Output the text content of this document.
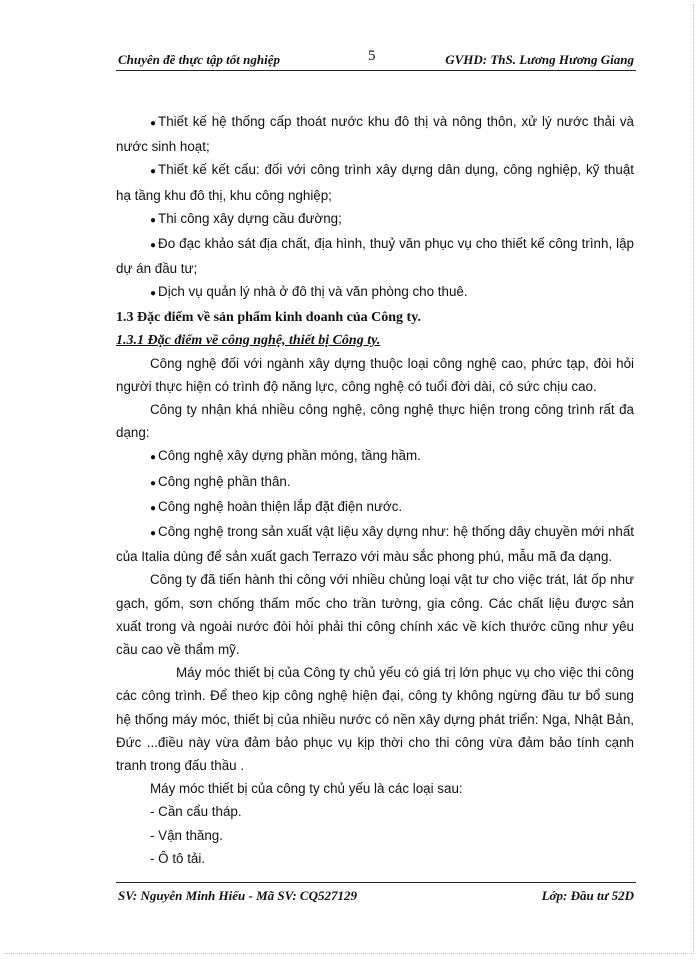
Chuyên đề thực tập tốt nghiệp	5	GVHD: ThS. Lương Hương Giang

● Thiết kế hệ thống cấp thoát nước khu đô thị và nông thôn, xử lý nước thải và nước sinh hoạt;

● Thiết kế kết cấu: đối với công trình xây dựng dân dụng, công nghiệp, kỹ thuật hạ tầng khu đô thị, khu công nghiệp;

● Thi công xây dựng cầu đường;

● Đo đạc khảo sát địa chất, địa hình, thuỷ văn phục vụ cho thiết kế công trình, lập dự án đầu tư;

● Dịch vụ quản lý nhà ở đô thị và văn phòng cho thuê.

1.3 Đặc điểm về sản phẩm kinh doanh của Công ty.

1.3.1 Đặc điểm về công nghệ, thiết bị Công ty.

Công nghệ đối với ngành xây dựng thuộc loại công nghệ cao, phức tạp, đòi hỏi người thực hiện có trình độ năng lực, công nghệ có tuổi đời dài, có sức chịu cao.

Công ty nhận khá nhiều công nghệ, công nghệ thực hiện trong công trình rất đa dạng:

● Công nghệ xây dựng phần móng, tầng hầm.

● Công nghệ phần thân.

● Công nghệ hoàn thiện lắp đặt điện nước.

● Công nghệ trong sản xuất vật liệu xây dựng như: hệ thống dây chuyền mới nhất của Italia dùng để sản xuất gach Terrazo với màu sắc phong phú, mẫu mã đa dạng.

Công ty đã tiến hành thi công với nhiều chủng loại vật tư cho việc trát, lát ốp như gạch, gốm, sơn chống thấm mốc cho trần tường, gia công. Các chất liệu được sản xuất trong và ngoài nước đòi hỏi phải thi công chính xác về kích thước cũng như yêu cầu cao về thẩm mỹ.

Máy móc thiết bị của Công ty chủ yếu có giá trị lớn phục vụ cho việc thi công các công trình. Để theo kịp công nghệ hiện đại, công ty không ngừng đầu tư bổ sung hệ thống máy móc, thiết bị của nhiều nước có nền xây dựng phát triển: Nga, Nhật Bản, Đức ...điều này vừa đảm bảo phục vụ kịp thời cho thi công vừa đảm bảo tính cạnh tranh trong đấu thầu .

Máy móc thiết bị của công ty chủ yếu là các loại sau:

- Cần cẩu tháp.

- Vận thăng.

- Ô tô tải.

SV: Nguyễn Minh Hiếu - Mã SV: CQ527129	Lớp: Đầu tư 52D
